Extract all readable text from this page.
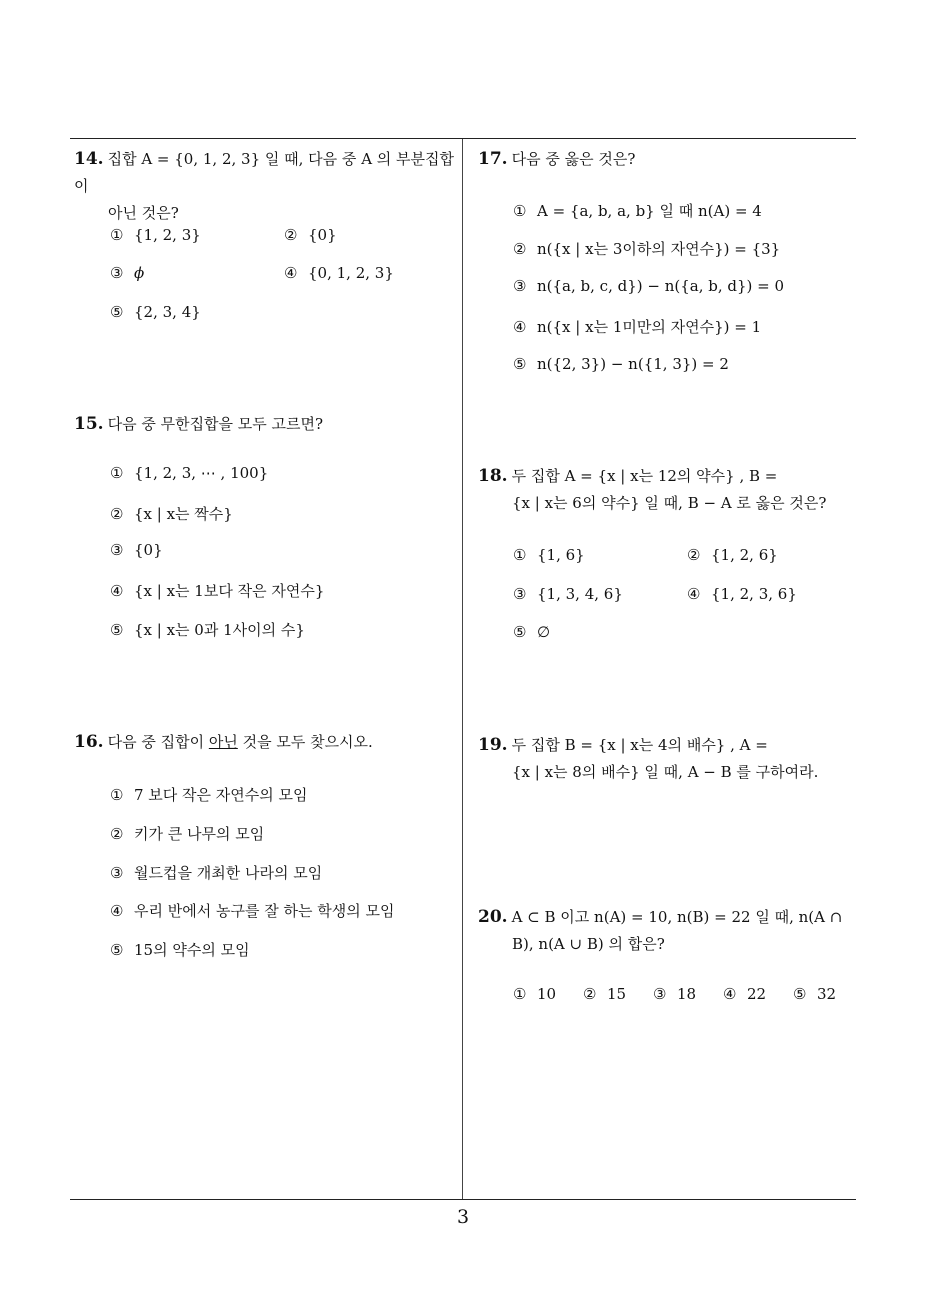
14. 집합 A = {0, 1, 2, 3} 일 때, 다음 중 A 의 부분집합이
아닌 것은?
① {1, 2, 3}	② {0}
③ ϕ	④ {0, 1, 2, 3}
⑤ {2, 3, 4}
15. 다음 중 무한집합을 모두 고르면?
① {1, 2, 3, ⋯ , 100}
② {x | x는 짝수}
③ {0}
④ {x | x는 1보다 작은 자연수}
⑤ {x | x는 0과 1사이의 수}
16. 다음 중 집합이 아닌 것을 모두 찾으시오.
① 7 보다 작은 자연수의 모임
② 키가 큰 나무의 모임
③ 월드컵을 개최한 나라의 모임
④ 우리 반에서 농구를 잘 하는 학생의 모임
⑤ 15의 약수의 모임
17. 다음 중 옳은 것은?
① A = {a, b, a, b} 일 때 n(A) = 4
② n({x | x는 3이하의 자연수}) = {3}
③ n({a, b, c, d}) − n({a, b, d}) = 0
④ n({x | x는 1미만의 자연수}) = 1
⑤ n({2, 3}) − n({1, 3}) = 2
18. 두 집합 A = {x | x는 12의 약수} , B =
{x | x는 6의 약수} 일 때, B − A 로 옳은 것은?
① {1, 6}	② {1, 2, 6}
③ {1, 3, 4, 6}	④ {1, 2, 3, 6}
⑤ ∅
19. 두 집합 B = {x | x는 4의 배수} , A =
{x | x는 8의 배수} 일 때, A − B 를 구하여라.
20. A ⊂ B 이고 n(A) = 10, n(B) = 22 일 때, n(A ∩
B), n(A ∪ B) 의 합은?
① 10 ② 15 ③ 18 ④ 22 ⑤ 32
3
